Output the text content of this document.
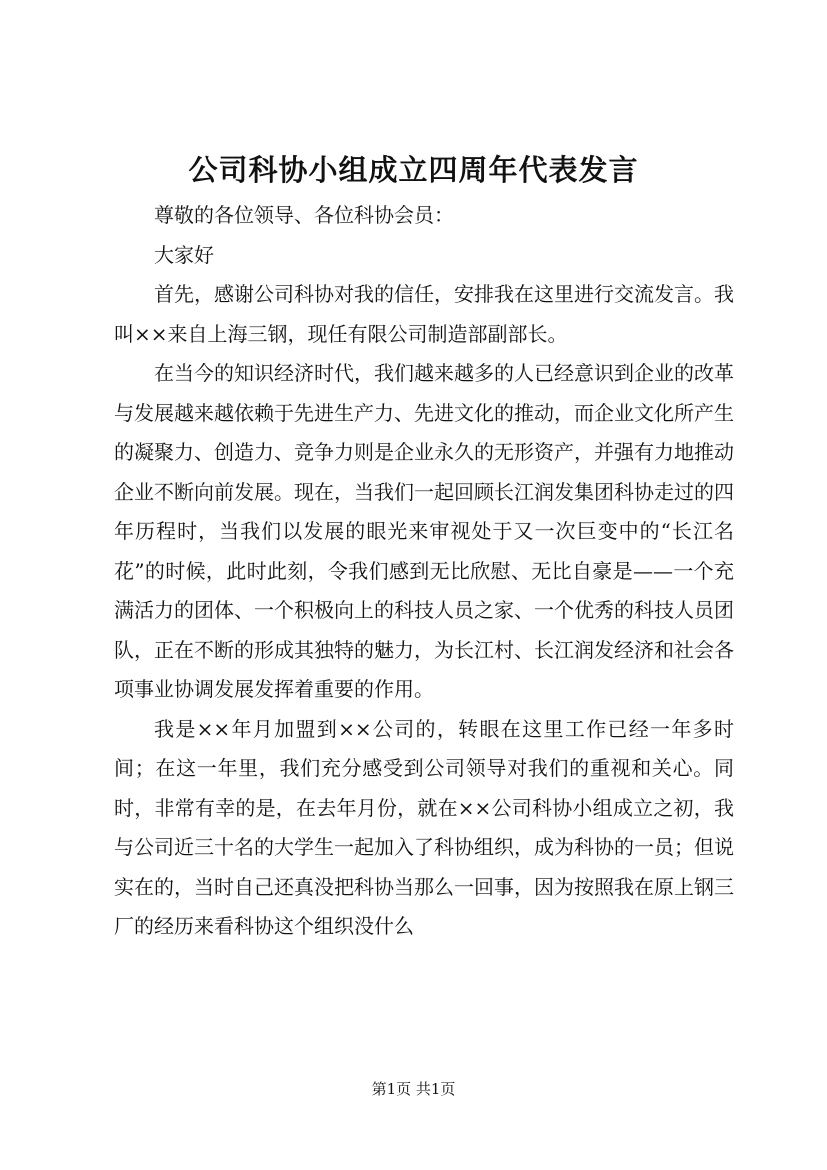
公司科协小组成立四周年代表发言

尊敬的各位领导、各位科协会员：

大家好

首先，感谢公司科协对我的信任，安排我在这里进行交流发言。我叫××来自上海三钢，现任有限公司制造部副部长。

在当今的知识经济时代，我们越来越多的人已经意识到企业的改革与发展越来越依赖于先进生产力、先进文化的推动，而企业文化所产生的凝聚力、创造力、竞争力则是企业永久的无形资产，并强有力地推动企业不断向前发展。现在，当我们一起回顾长江润发集团科协走过的四年历程时，当我们以发展的眼光来审视处于又一次巨变中的“长江名花”的时候，此时此刻，令我们感到无比欣慰、无比自豪是——一个充满活力的团体、一个积极向上的科技人员之家、一个优秀的科技人员团队，正在不断的形成其独特的魅力，为长江村、长江润发经济和社会各项事业协调发展发挥着重要的作用。

我是××年月加盟到××公司的，转眼在这里工作已经一年多时间；在这一年里，我们充分感受到公司领导对我们的重视和关心。同时，非常有幸的是，在去年月份，就在××公司科协小组成立之初，我与公司近三十名的大学生一起加入了科协组织，成为科协的一员；但说实在的，当时自己还真没把科协当那么一回事，因为按照我在原上钢三厂的经历来看科协这个组织没什么

第1页 共1页
